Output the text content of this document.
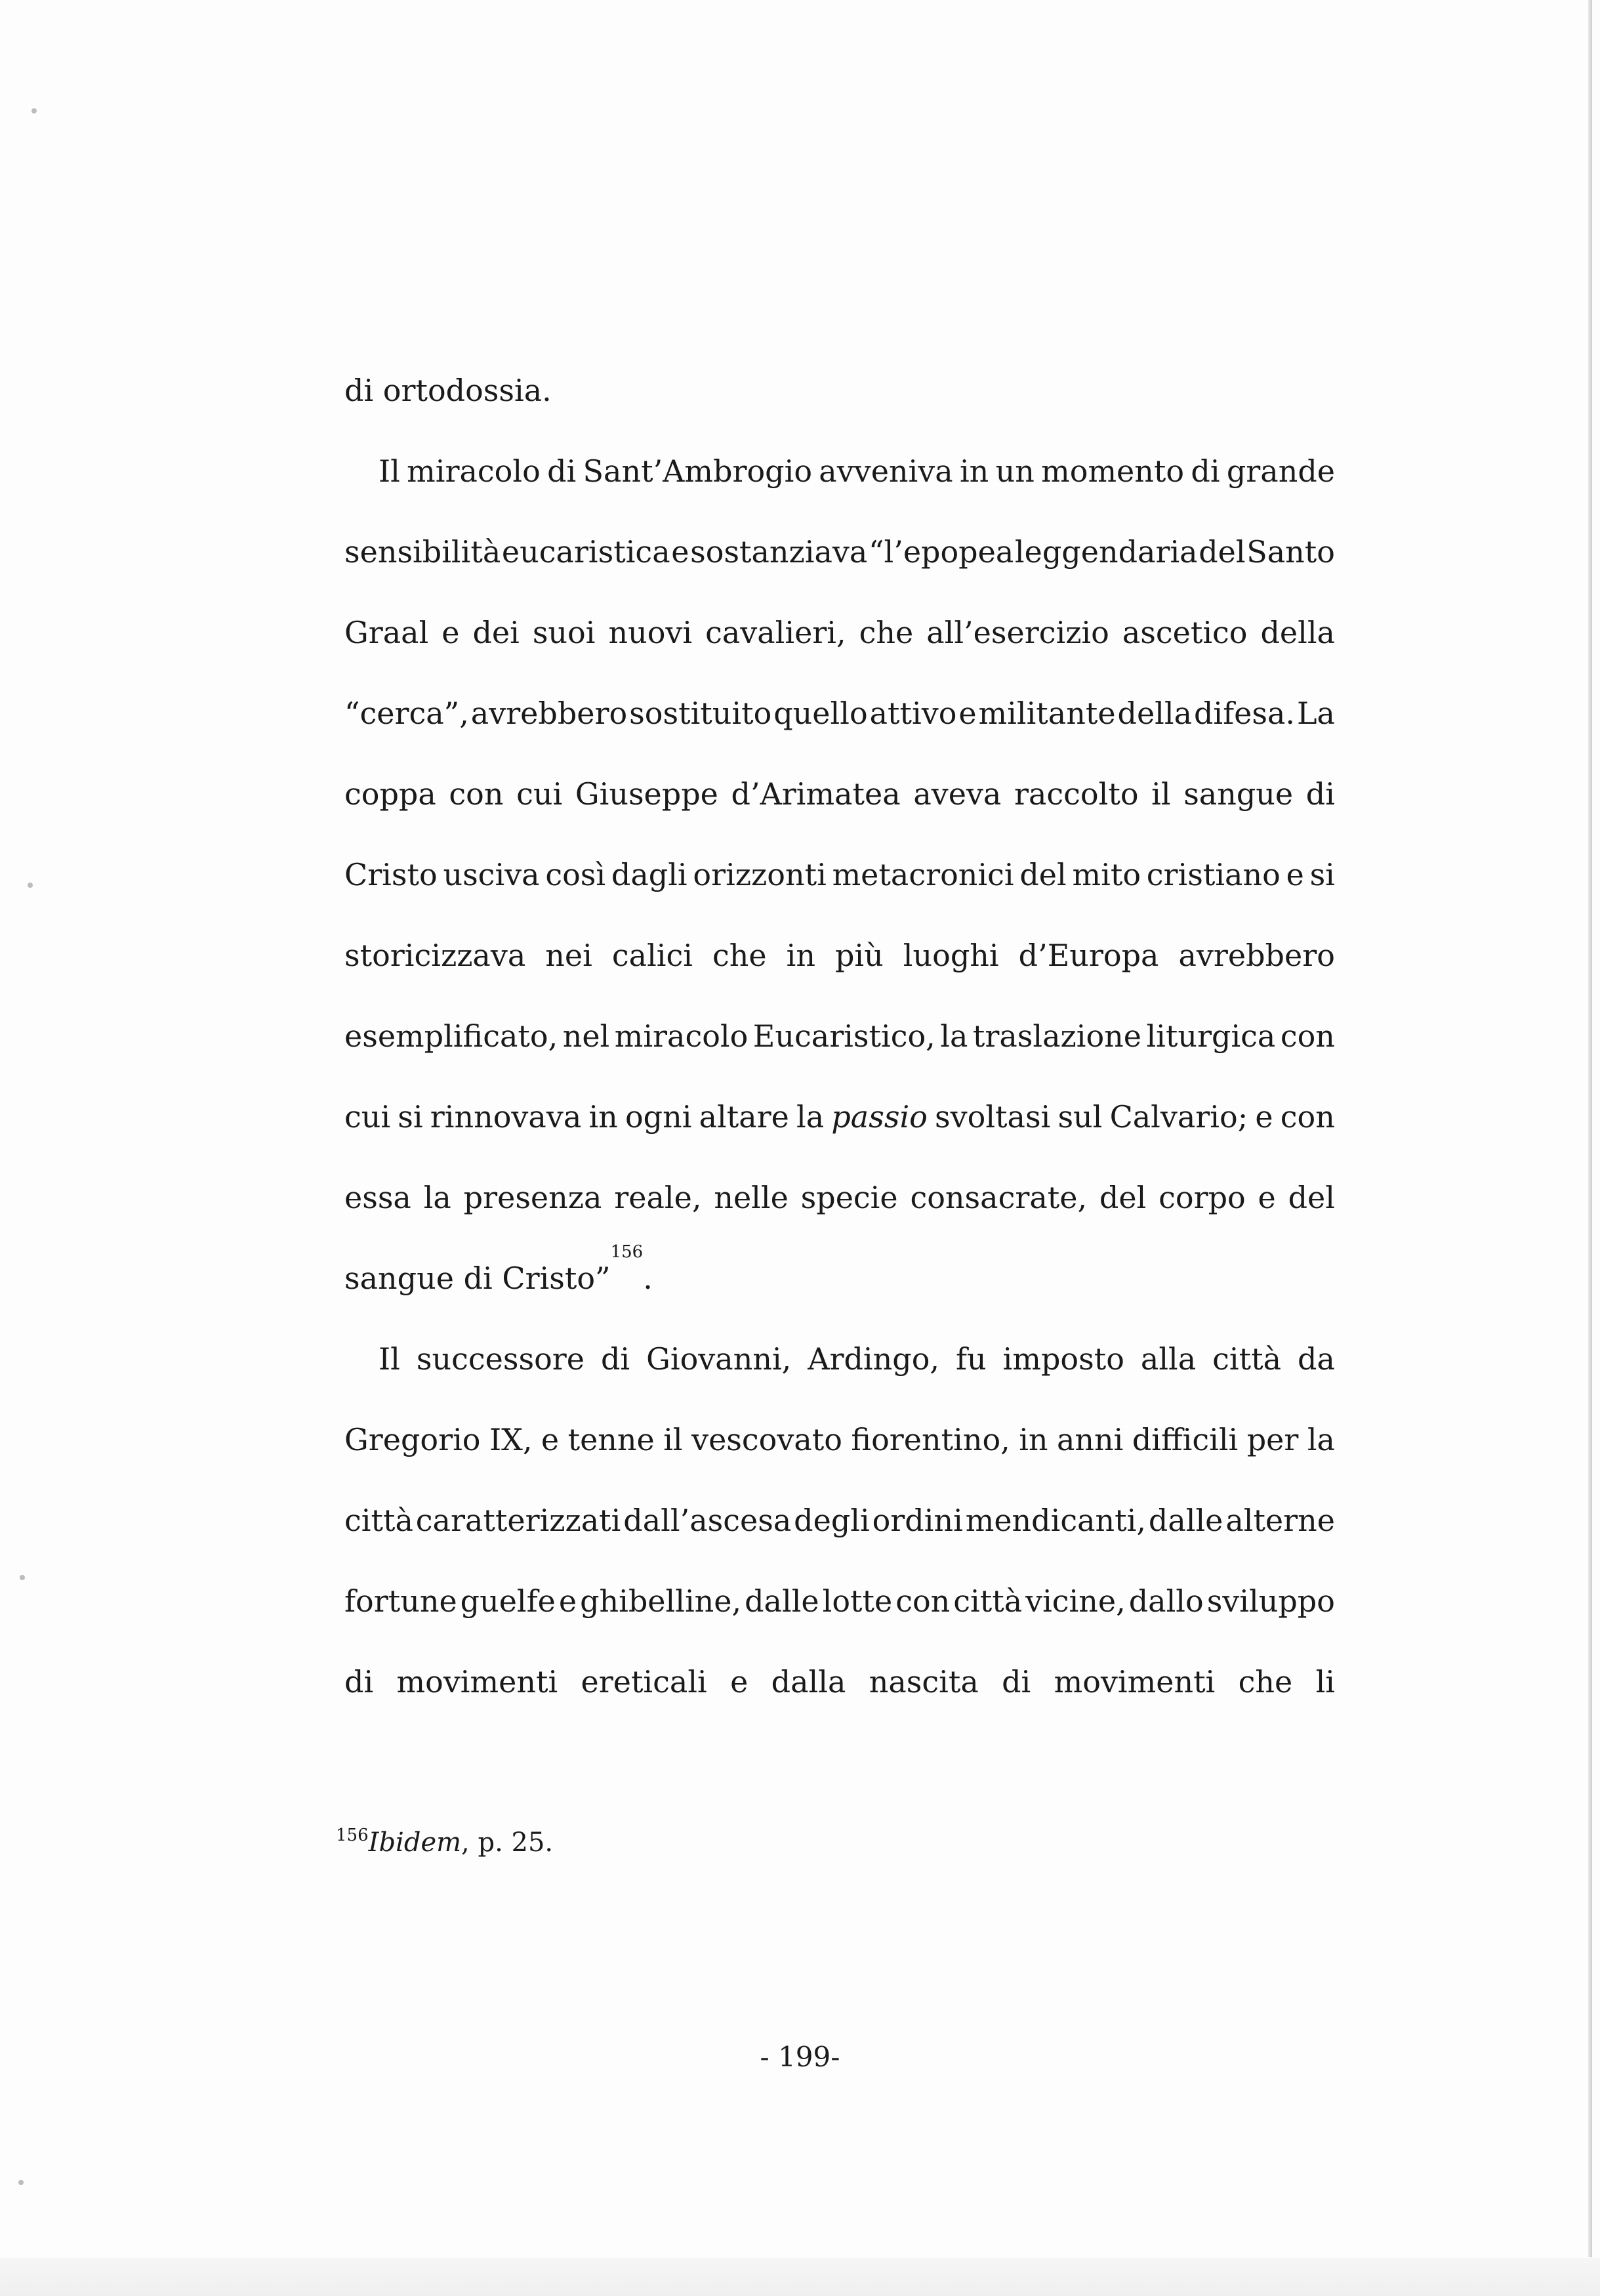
di
ortodossia.
Il miracolo di Sant’Ambrogio avveniva in un momento di grande
sensibilità eucaristica e sostanziava “l’epopea leggendaria del Santo
Graal e dei suoi nuovi cavalieri, che all’esercizio ascetico della
“cerca”, avrebbero sostituito quello attivo e militante della difesa. La
coppa con cui Giuseppe d’Arimatea aveva raccolto il sangue di
Cristo usciva così dagli orizzonti metacronici del mito cristiano e si
storicizzava nei calici che in più luoghi d’Europa avrebbero
esemplificato, nel miracolo Eucaristico, la traslazione liturgica con
cui si rinnovava in ogni altare la passio svoltasi sul Calvario; e con
essa la presenza reale, nelle specie consacrate, del corpo e del
sangue
di
Cristo”
156
.
Il successore di Giovanni, Ardingo, fu imposto alla città da
Gregorio IX, e tenne il vescovato fiorentino, in anni difficili per la
città caratterizzati dall’ascesa degli ordini mendicanti, dalle alterne
fortune guelfe e ghibelline, dalle lotte con città vicine, dallo sviluppo
di movimenti ereticali e dalla nascita di movimenti che li
$^{156}$Ibidem, p. 25.
- 199-
